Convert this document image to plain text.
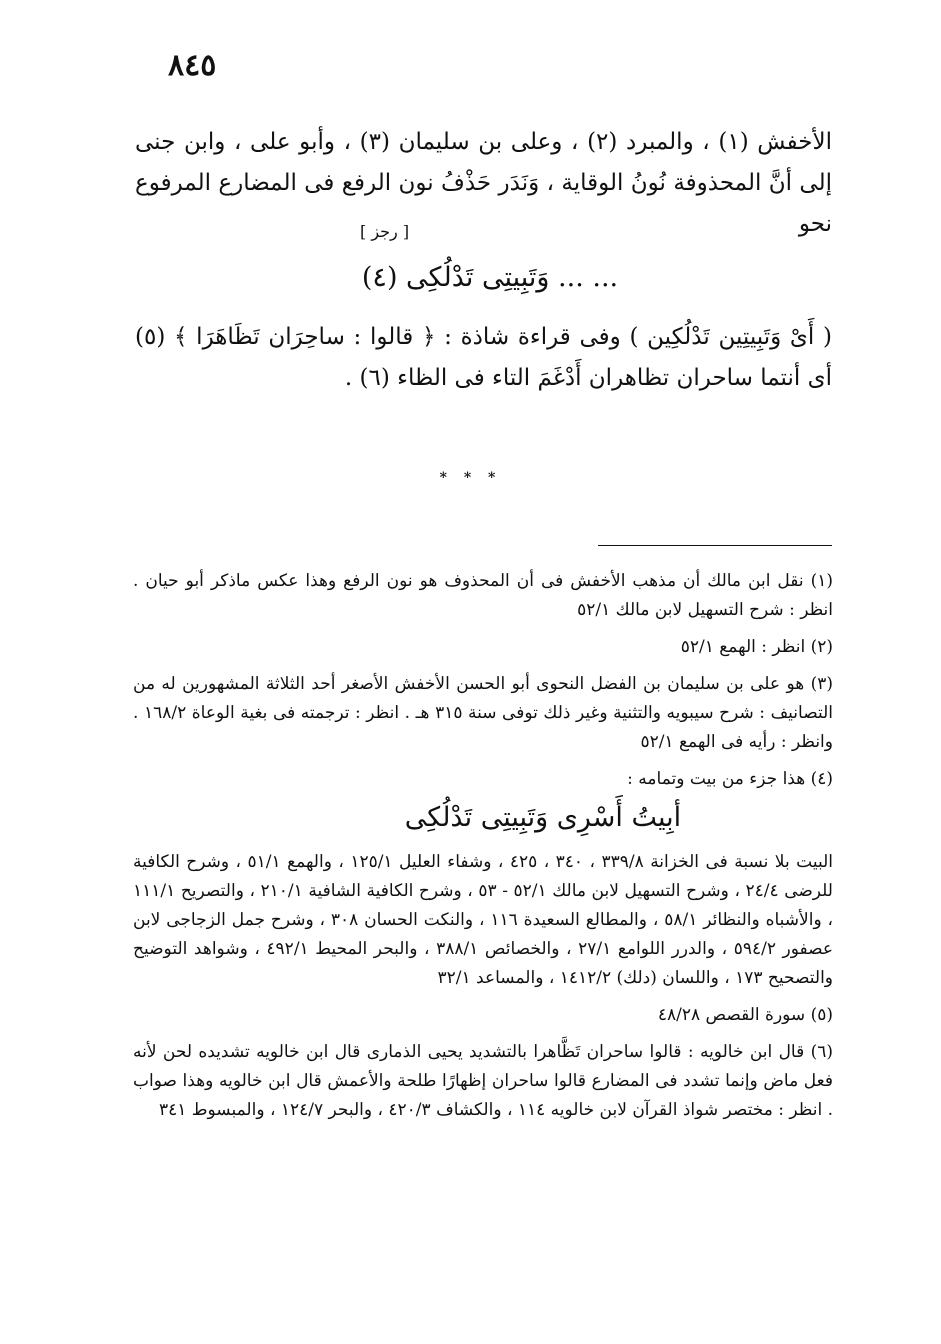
٨٤٥

الأخفش (١) ، والمبرد (٢) ، وعلى بن سليمان (٣) ، وأبو على ، وابن جنى إلى أنَّ المحذوفة نُونُ الوقاية ، وَنَدَر حَذْفُ نون الرفع فى المضارع المرفوع نحو

[ رجز ]
... ... وَتَبِيتِى تَدْلُكِى (٤)

( أَىْ وَتَبِيتِين تَدْلُكِين ) وفى قراءة شاذة : ﴿ قالوا : ساحِرَان تَظَاهَرَا ﴾ (٥) أى أنتما ساحران تظاهران أَدْغَمَ التاء فى الظاء (٦) .

* * *

(١) نقل ابن مالك أن مذهب الأخفش فى أن المحذوف هو نون الرفع وهذا عكس ماذكر أبو حيان . انظر : شرح التسهيل لابن مالك ٥٢/١

(٢) انظر : الهمع ٥٢/١

(٣) هو على بن سليمان بن الفضل النحوى أبو الحسن الأخفش الأصغر أحد الثلاثة المشهورين له من التصانيف : شرح سيبويه والتثنية وغير ذلك توفى سنة ٣١٥ هـ . انظر : ترجمته فى بغية الوعاة ١٦٨/٢ . وانظر : رأيه فى الهمع ٥٢/١

(٤) هذا جزء من بيت وتمامه :

أبِيتُ أَسْرِى وَتَبِيتِى تَدْلُكِى

البيت بلا نسبة فى الخزانة ٣٣٩/٨ ، ٣٤٠ ، ٤٢٥ ، وشفاء العليل ١٢٥/١ ، والهمع ٥١/١ ، وشرح الكافية للرضى ٢٤/٤ ، وشرح التسهيل لابن مالك ٥٢/١ - ٥٣ ، وشرح الكافية الشافية ٢١٠/١ ، والتصريح ١١١/١ ، والأشباه والنظائر ٥٨/١ ، والمطالع السعيدة ١١٦ ، والنكت الحسان ٣٠٨ ، وشرح جمل الزجاجى لابن عصفور ٥٩٤/٢ ، والدرر اللوامع ٢٧/١ ، والخصائص ٣٨٨/١ ، والبحر المحيط ٤٩٢/١ ، وشواهد التوضيح والتصحيح ١٧٣ ، واللسان (دلك) ١٤١٢/٢ ، والمساعد ٣٢/١

(٥) سورة القصص ٤٨/٢٨

(٦) قال ابن خالويه : قالوا ساحران تَظَّاهرا بالتشديد يحيى الذمارى قال ابن خالويه تشديده لحن لأنه فعل ماض وإنما تشدد فى المضارع قالوا ساحران إظهارًا طلحة والأعمش قال ابن خالويه وهذا صواب . انظر : مختصر شواذ القرآن لابن خالويه ١١٤ ، والكشاف ٤٢٠/٣ ، والبحر ١٢٤/٧ ، والمبسوط ٣٤١
